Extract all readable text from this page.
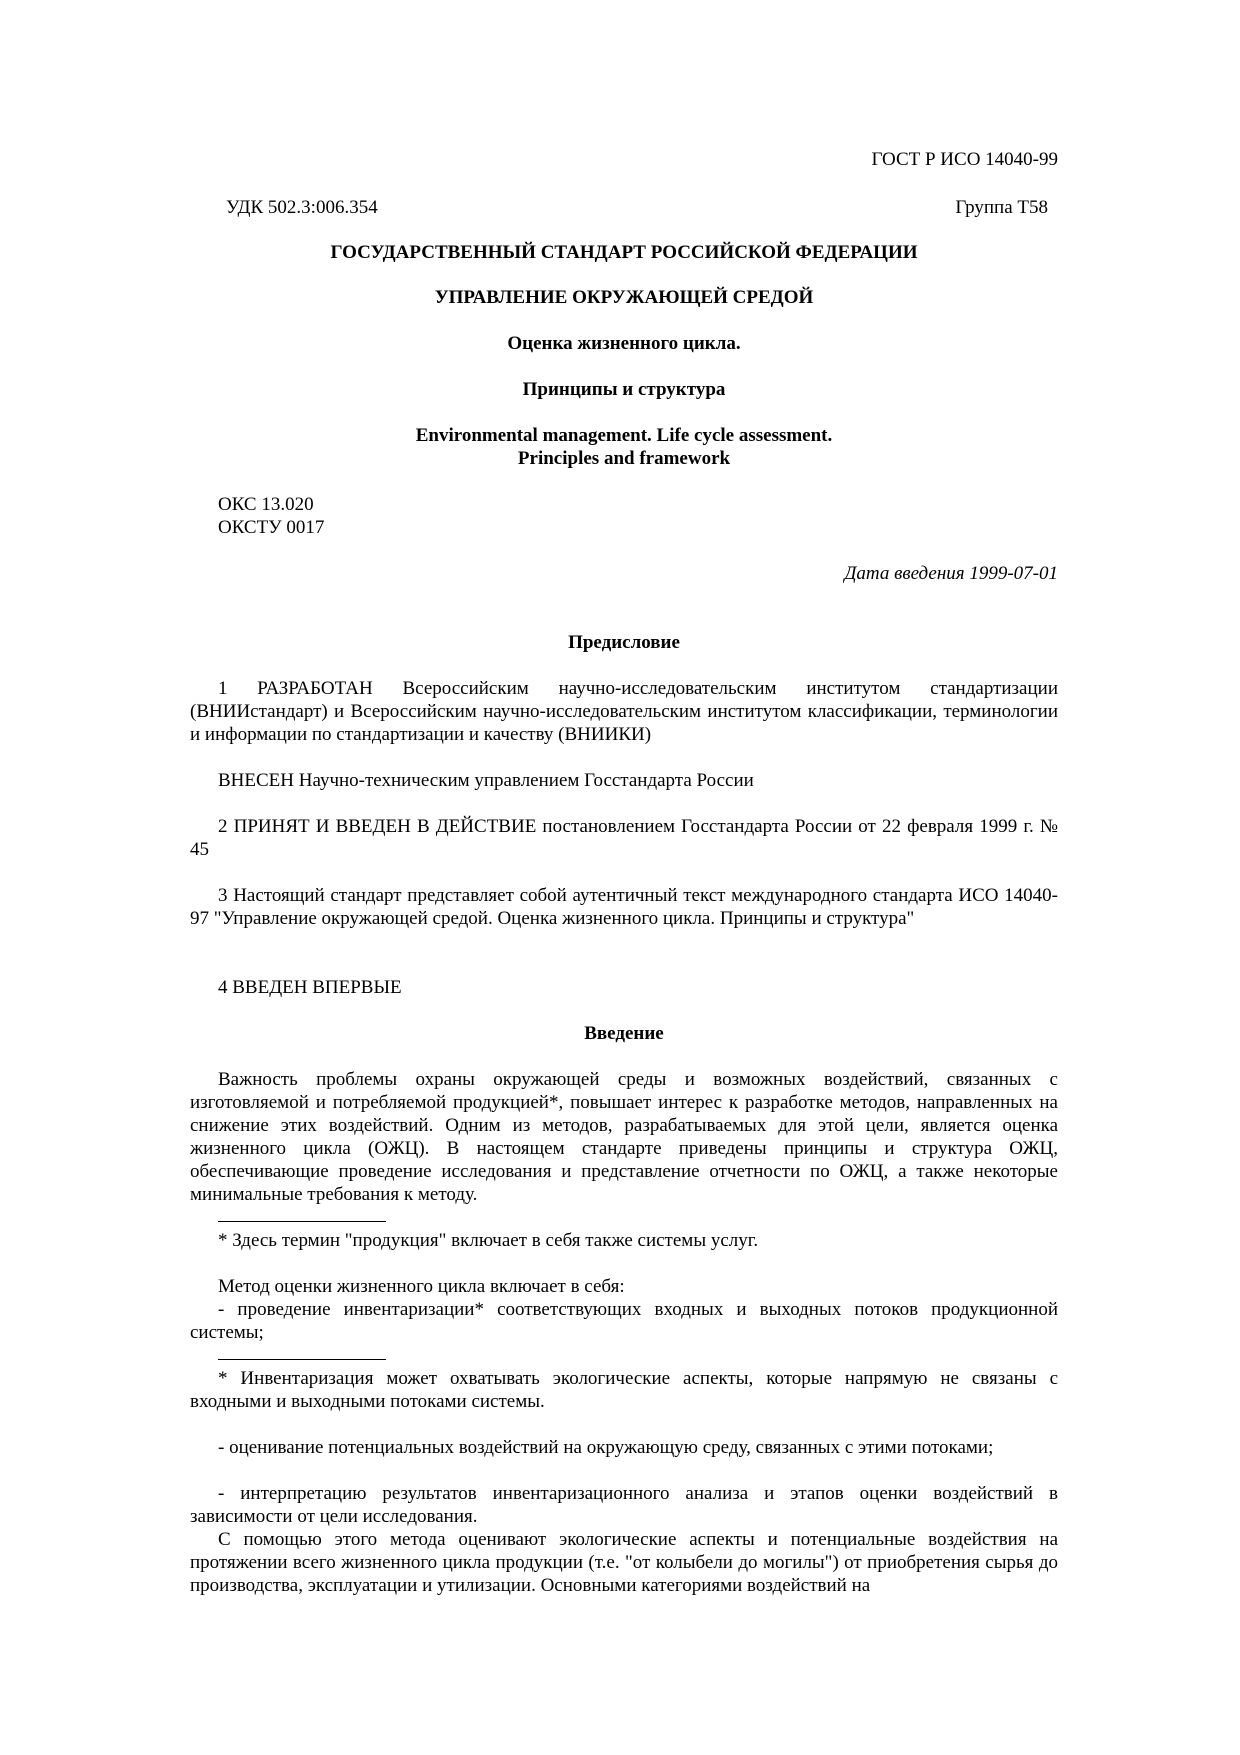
ГОСТ Р ИСО 14040-99
УДК 502.3:006.354	Группа Т58
ГОСУДАРСТВЕННЫЙ СТАНДАРТ РОССИЙСКОЙ ФЕДЕРАЦИИ
УПРАВЛЕНИЕ ОКРУЖАЮЩЕЙ СРЕДОЙ
Оценка жизненного цикла.
Принципы и структура
Environmental management. Life cycle assessment.
Principles and framework
ОКС 13.020
ОКСТУ 0017
Дата введения 1999-07-01
Предисловие
1 РАЗРАБОТАН Всероссийским научно-исследовательским институтом стандартизации (ВНИИстандарт) и Всероссийским научно-исследовательским институтом классификации, терминологии и информации по стандартизации и качеству (ВНИИКИ)
ВНЕСЕН Научно-техническим управлением Госстандарта России
2 ПРИНЯТ И ВВЕДЕН В ДЕЙСТВИЕ постановлением Госстандарта России от 22 февраля 1999 г. № 45
3 Настоящий стандарт представляет собой аутентичный текст международного стандарта ИСО 14040-97 "Управление окружающей средой. Оценка жизненного цикла. Принципы и структура"
4 ВВЕДЕН ВПЕРВЫЕ
Введение
Важность проблемы охраны окружающей среды и возможных воздействий, связанных с изготовляемой и потребляемой продукцией*, повышает интерес к разработке методов, направленных на снижение этих воздействий. Одним из методов, разрабатываемых для этой цели, является оценка жизненного цикла (ОЖЦ). В настоящем стандарте приведены принципы и структура ОЖЦ, обеспечивающие проведение исследования и представление отчетности по ОЖЦ, а также некоторые минимальные требования к методу.
* Здесь термин "продукция" включает в себя также системы услуг.
Метод оценки жизненного цикла включает в себя:
- проведение инвентаризации* соответствующих входных и выходных потоков продукционной системы;
* Инвентаризация может охватывать экологические аспекты, которые напрямую не связаны с входными и выходными потоками системы.
- оценивание потенциальных воздействий на окружающую среду, связанных с этими потоками;
- интерпретацию результатов инвентаризационного анализа и этапов оценки воздействий в зависимости от цели исследования.
С помощью этого метода оценивают экологические аспекты и потенциальные воздействия на протяжении всего жизненного цикла продукции (т.е. "от колыбели до могилы") от приобретения сырья до производства, эксплуатации и утилизации. Основными категориями воздействий на
